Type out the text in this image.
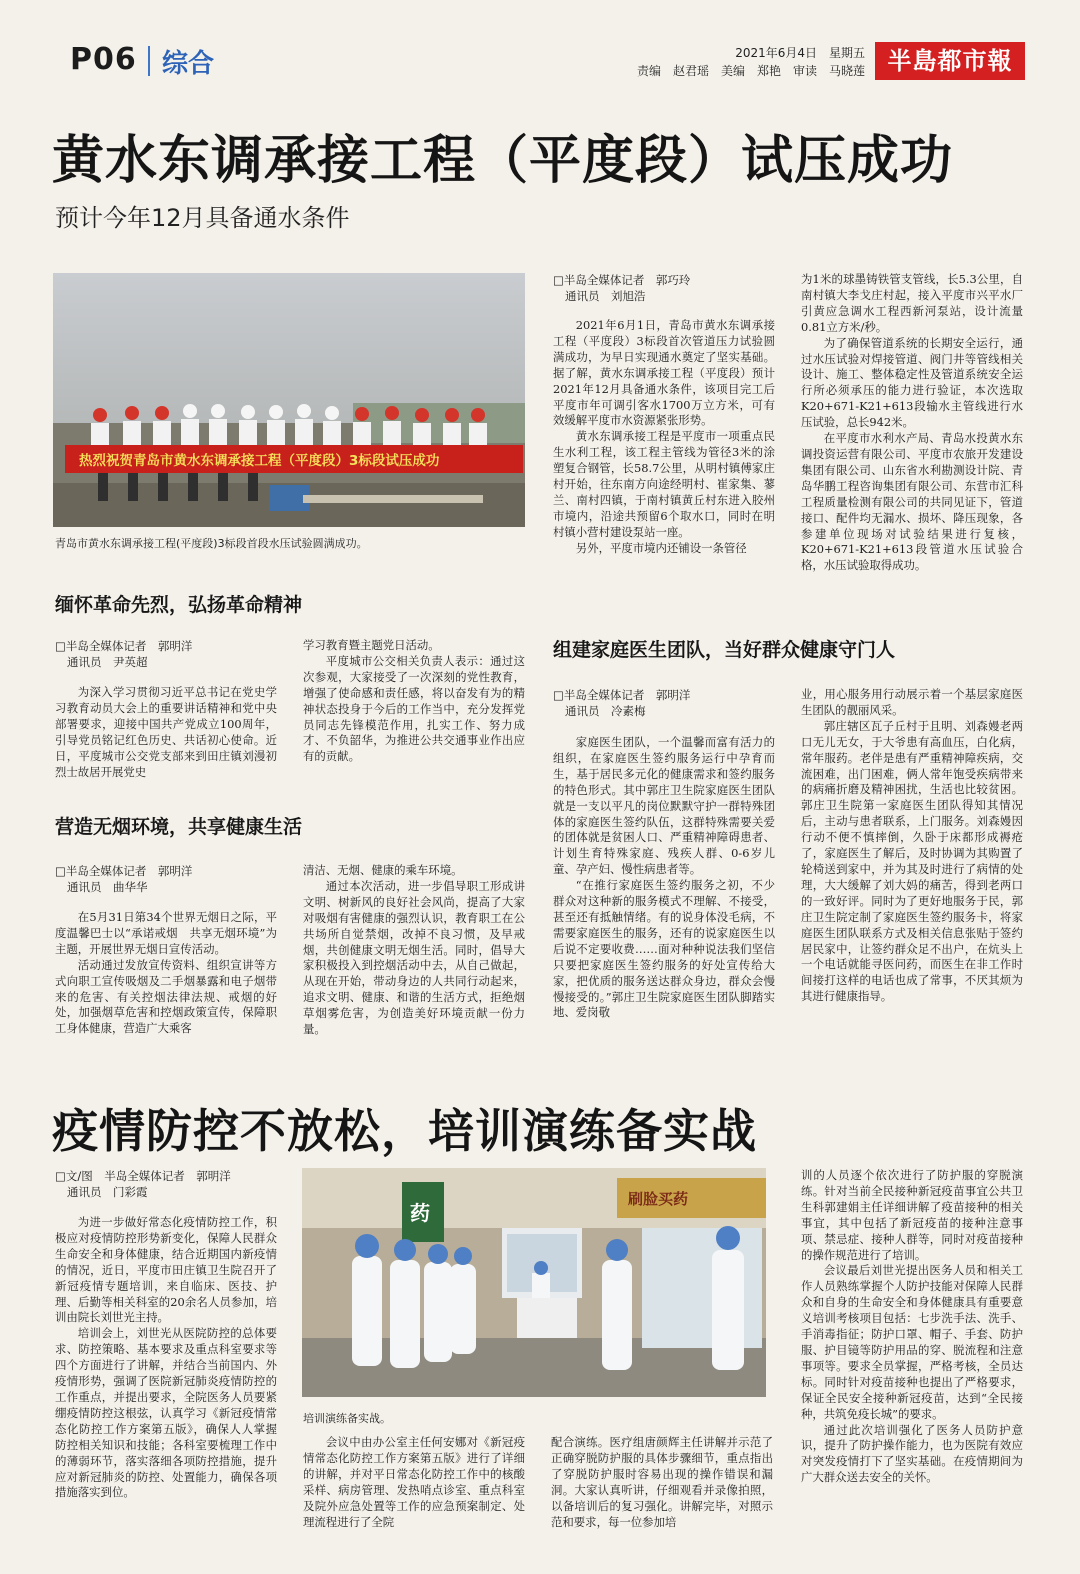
P06 综合	2021年6月4日　星期五
责编　赵君瑶　美编　郑艳　审读　马晓莲 半島都市報
黄水东调承接工程（平度段）试压成功
预计今年12月具备通水条件
热烈祝贺青岛市黄水东调承接工程（平度段）3标段试压成功
青岛市黄水东调承接工程(平度段)3标段首段水压试验圆满成功。
□半岛全媒体记者　郭巧玲
通讯员　刘旭浩

2021年6月1日，青岛市黄水东调承接工程（平度段）3标段首次管道压力试验圆满成功，为早日实现通水奠定了坚实基础。据了解，黄水东调承接工程（平度段）预计2021年12月具备通水条件，该项目完工后平度市年可调引客水1700万立方米，可有效缓解平度市水资源紧张形势。

黄水东调承接工程是平度市一项重点民生水利工程，该工程主管线为管径3米的涂塑复合钢管，长58.7公里，从明村镇傅家庄村开始，往东南方向途经明村、崔家集、蓼兰、南村四镇，于南村镇黄丘村东进入胶州市境内，沿途共预留6个取水口，同时在明村镇小营村建设泵站一座。

另外，平度市境内还铺设一条管径

为1米的球墨铸铁管支管线，长5.3公里，自南村镇大李戈庄村起，接入平度市兴平水厂引黄应急调水工程西新河泵站，设计流量0.81立方米/秒。

为了确保管道系统的长期安全运行，通过水压试验对焊接管道、阀门井等管线相关设计、施工、整体稳定性及管道系统安全运行所必须承压的能力进行验证，本次选取K20+671-K21+613段输水主管线进行水压试验，总长942米。

在平度市水利水产局、青岛水投黄水东调投资运营有限公司、平度市农旅开发建设集团有限公司、山东省水利勘测设计院、青岛华鹏工程咨询集团有限公司、东营市汇科工程质量检测有限公司的共同见证下，管道接口、配件均无漏水、损坏、降压现象，各参建单位现场对试验结果进行复核，K20+671-K21+613段管道水压试验合格，水压试验取得成功。

缅怀革命先烈，弘扬革命精神
□半岛全媒体记者　郭明洋
通讯员　尹英超

为深入学习贯彻习近平总书记在党史学习教育动员大会上的重要讲话精神和党中央部署要求，迎接中国共产党成立100周年，引导党员铭记红色历史、共话初心使命。近日，平度城市公交党支部来到田庄镇刘漫初烈士故居开展党史

学习教育暨主题党日活动。

平度城市公交相关负责人表示：通过这次参观，大家接受了一次深刻的党性教育，增强了使命感和责任感，将以奋发有为的精神状态投身于今后的工作当中，充分发挥党员同志先锋模范作用，扎实工作、努力成才、不负韶华，为推进公共交通事业作出应有的贡献。

营造无烟环境，共享健康生活
□半岛全媒体记者　郭明洋
通讯员　曲华华

在5月31日第34个世界无烟日之际，平度温馨巴士以“承诺戒烟　共享无烟环境”为主题，开展世界无烟日宣传活动。

活动通过发放宣传资料、组织宣讲等方式向职工宣传吸烟及二手烟暴露和电子烟带来的危害、有关控烟法律法规、戒烟的好处，加强烟草危害和控烟政策宣传，保障职工身体健康，营造广大乘客

清洁、无烟、健康的乘车环境。

通过本次活动，进一步倡导职工形成讲文明、树新风的良好社会风尚，提高了大家对吸烟有害健康的强烈认识，教育职工在公共场所自觉禁烟，改掉不良习惯，及早戒烟，共创健康文明无烟生活。同时，倡导大家积极投入到控烟活动中去，从自己做起，从现在开始，带动身边的人共同行动起来，追求文明、健康、和谐的生活方式，拒绝烟草烟雾危害，为创造美好环境贡献一份力量。

组建家庭医生团队，当好群众健康守门人
□半岛全媒体记者　郭明洋
通讯员　冷素梅

家庭医生团队，一个温馨而富有活力的组织，在家庭医生签约服务运行中孕育而生，基于居民多元化的健康需求和签约服务的特色形式。其中郭庄卫生院家庭医生团队就是一支以平凡的岗位默默守护一群特殊团体的家庭医生签约队伍，这群特殊需要关爱的团体就是贫困人口、严重精神障碍患者、计划生育特殊家庭、残疾人群、0-6岁儿童、孕产妇、慢性病患者等。

“在推行家庭医生签约服务之初，不少群众对这种新的服务模式不理解、不接受，甚至还有抵触情绪。有的说身体没毛病，不需要家庭医生的服务，还有的说家庭医生以后说不定要收费……面对种种说法我们坚信只要把家庭医生签约服务的好处宣传给大家，把优质的服务送达群众身边，群众会慢慢接受的。”郭庄卫生院家庭医生团队脚踏实地、爱岗敬

业，用心服务用行动展示着一个基层家庭医生团队的靓丽风采。

郭庄辖区瓦子丘村于且明、刘森嫚老两口无儿无女，于大爷患有高血压，白化病，常年服药。老伴是患有严重精神障疾病，交流困难，出门困难，俩人常年饱受疾病带来的病痛折磨及精神困扰，生活也比较贫困。郭庄卫生院第一家庭医生团队得知其情况后，主动与患者联系，上门服务。刘森嫚因行动不便不慎摔倒，久卧于床都形成褥疮了，家庭医生了解后，及时协调为其购置了轮椅送到家中，并为其及时进行了病情的处理，大大缓解了刘大妈的痛苦，得到老两口的一致好评。同时为了更好地服务于民，郭庄卫生院定制了家庭医生签约服务卡，将家庭医生团队联系方式及相关信息张贴于签约居民家中，让签约群众足不出户，在炕头上一个电话就能寻医问药，而医生在非工作时间接打这样的电话也成了常事，不厌其烦为其进行健康指导。

疫情防控不放松，培训演练备实战
□文/图　半岛全媒体记者　郭明洋
通讯员　门彩霞

为进一步做好常态化疫情防控工作，积极应对疫情防控形势新变化，保障人民群众生命安全和身体健康，结合近期国内新疫情的情况，近日，平度市田庄镇卫生院召开了新冠疫情专题培训，来自临床、医技、护理、后勤等相关科室的20余名人员参加，培训由院长刘世光主持。

培训会上，刘世光从医院防控的总体要求、防控策略、基本要求及重点科室要求等四个方面进行了讲解，并结合当前国内、外疫情形势，强调了医院新冠肺炎疫情防控的工作重点，并提出要求，全院医务人员要紧绷疫情防控这根弦，认真学习《新冠疫情常态化防控工作方案第五版》，确保人人掌握防控相关知识和技能；各科室要梳理工作中的薄弱环节，落实落细各项防控措施，提升应对新冠肺炎的防控、处置能力，确保各项措施落实到位。

药
刷脸买药
培训演练备实战。

会议中由办公室主任何安娜对《新冠疫情常态化防控工作方案第五版》进行了详细的讲解，并对平日常态化防控工作中的核酸采样、病房管理、发热哨点诊室、重点科室及院外应急处置等工作的应急预案制定、处理流程进行了全院

配合演练。医疗组唐颜辉主任讲解并示范了正确穿脱防护服的具体步骤细节，重点指出了穿脱防护服时容易出现的操作错误和漏洞。大家认真听讲，仔细观看并录像拍照，以备培训后的复习强化。讲解完毕，对照示范和要求，每一位参加培

训的人员逐个依次进行了防护服的穿脱演练。针对当前全民接种新冠疫苗事宜公共卫生科郭建娟主任详细讲解了疫苗接种的相关事宜，其中包括了新冠疫苗的接种注意事项、禁忌症、接种人群等，同时对疫苗接种的操作规范进行了培训。

会议最后刘世光提出医务人员和相关工作人员熟练掌握个人防护技能对保障人民群众和自身的生命安全和身体健康具有重要意义培训考核项目包括：七步洗手法、洗手、手消毒指征；防护口罩、帽子、手套、防护服、护目镜等防护用品的穿、脱流程和注意事项等。要求全员掌握，严格考核，全员达标。同时针对疫苗接种也提出了严格要求，保证全民安全接种新冠疫苗，达到“全民接种，共筑免疫长城”的要求。

通过此次培训强化了医务人员防护意识，提升了防护操作能力，也为医院有效应对突发疫情打下了坚实基础。在疫情期间为广大群众送去安全的关怀。
